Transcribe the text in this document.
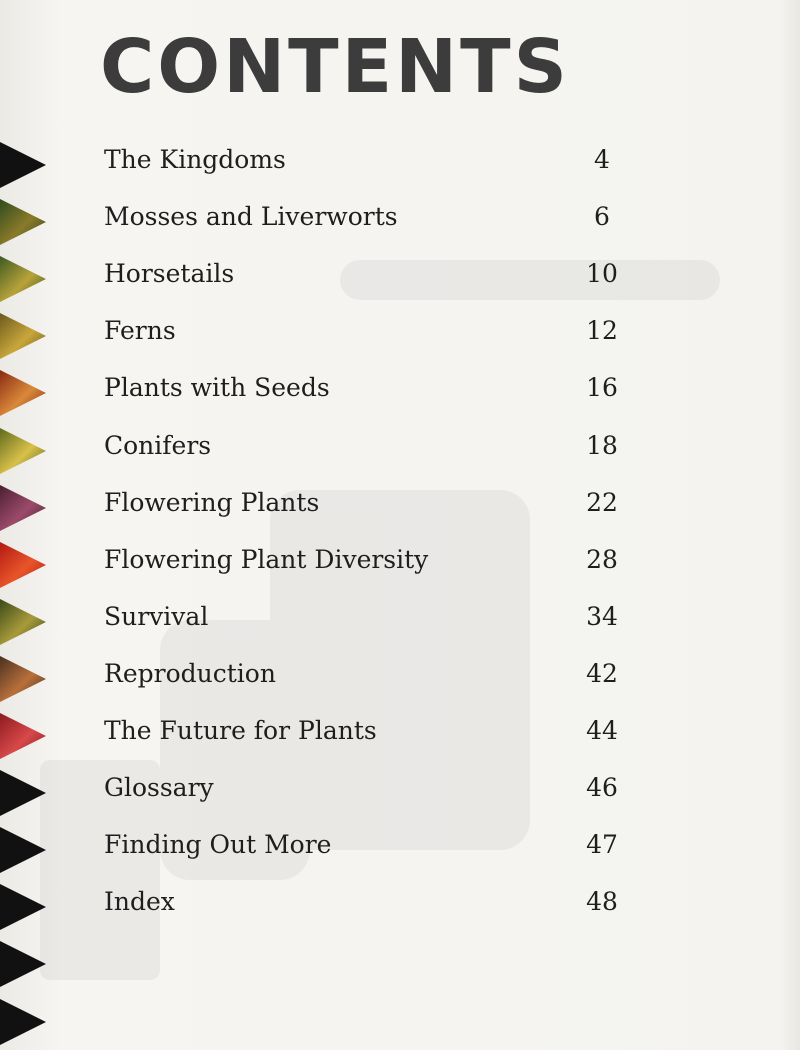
CONTENTS
The Kingdoms	4
Mosses and Liverworts	6
Horsetails	10
Ferns	12
Plants with Seeds	16
Conifers	18
Flowering Plants	22
Flowering Plant Diversity	28
Survival	34
Reproduction	42
The Future for Plants	44
Glossary	46
Finding Out More	47
Index	48
